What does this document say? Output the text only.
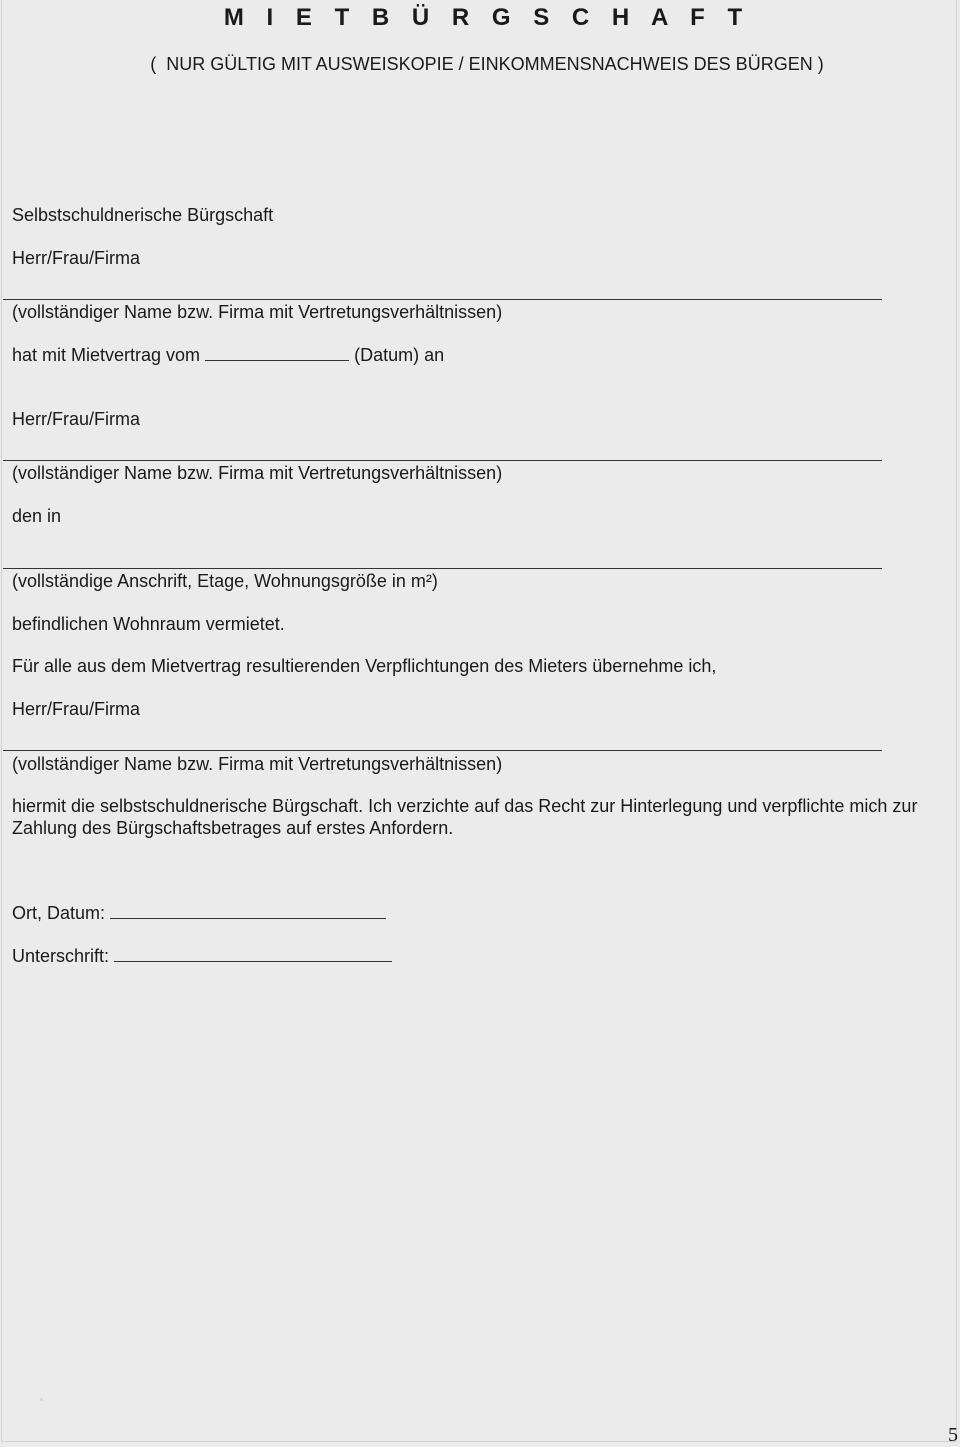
M I E T B Ü R G S C H A F T
(  NUR GÜLTIG MIT AUSWEISKOPIE / EINKOMMENSNACHWEIS DES BÜRGEN )
Selbstschuldnerische Bürgschaft
Herr/Frau/Firma
(vollständiger Name bzw. Firma mit Vertretungsverhältnissen)
hat mit Mietvertrag vom	(Datum) an
Herr/Frau/Firma
(vollständiger Name bzw. Firma mit Vertretungsverhältnissen)
den in
(vollständige Anschrift, Etage, Wohnungsgröße in m²)
befindlichen Wohnraum vermietet.
Für alle aus dem Mietvertrag resultierenden Verpflichtungen des Mieters übernehme ich,
Herr/Frau/Firma
(vollständiger Name bzw. Firma mit Vertretungsverhältnissen)
hiermit die selbstschuldnerische Bürgschaft. Ich verzichte auf das Recht zur Hinterlegung und verpflichte mich zur Zahlung des Bürgschaftsbetrages auf erstes Anfordern.
Ort, Datum:
Unterschrift:
5
